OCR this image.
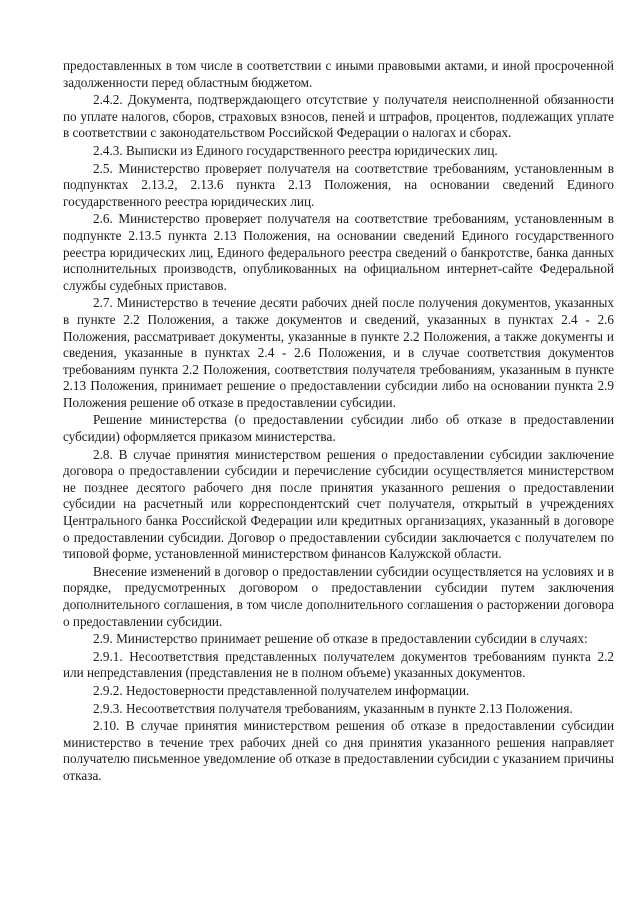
предоставленных в том числе в соответствии с иными правовыми актами, и иной просроченной задолженности перед областным бюджетом.

2.4.2. Документа, подтверждающего отсутствие у получателя неисполненной обязанности по уплате налогов, сборов, страховых взносов, пеней и штрафов, процентов, подлежащих уплате в соответствии с законодательством Российской Федерации о налогах и сборах.

2.4.3. Выписки из Единого государственного реестра юридических лиц.

2.5. Министерство проверяет получателя на соответствие требованиям, установленным в подпунктах 2.13.2, 2.13.6 пункта 2.13 Положения, на основании сведений Единого государственного реестра юридических лиц.

2.6. Министерство проверяет получателя на соответствие требованиям, установленным в подпункте 2.13.5 пункта 2.13 Положения, на основании сведений Единого государственного реестра юридических лиц, Единого федерального реестра сведений о банкротстве, банка данных исполнительных производств, опубликованных на официальном интернет-сайте Федеральной службы судебных приставов.

2.7. Министерство в течение десяти рабочих дней после получения документов, указанных в пункте 2.2 Положения, а также документов и сведений, указанных в пунктах 2.4 - 2.6 Положения, рассматривает документы, указанные в пункте 2.2 Положения, а также документы и сведения, указанные в пунктах 2.4 - 2.6 Положения, и в случае соответствия документов требованиям пункта 2.2 Положения, соответствия получателя требованиям, указанным в пункте 2.13 Положения, принимает решение о предоставлении субсидии либо на основании пункта 2.9 Положения решение об отказе в предоставлении субсидии.

Решение министерства (о предоставлении субсидии либо об отказе в предоставлении субсидии) оформляется приказом министерства.

2.8. В случае принятия министерством решения о предоставлении субсидии заключение договора о предоставлении субсидии и перечисление субсидии осуществляется министерством не позднее десятого рабочего дня после принятия указанного решения о предоставлении субсидии на расчетный или корреспондентский счет получателя, открытый в учреждениях Центрального банка Российской Федерации или кредитных организациях, указанный в договоре о предоставлении субсидии. Договор о предоставлении субсидии заключается с получателем по типовой форме, установленной министерством финансов Калужской области.

Внесение изменений в договор о предоставлении субсидии осуществляется на условиях и в порядке, предусмотренных договором о предоставлении субсидии путем заключения дополнительного соглашения, в том числе дополнительного соглашения о расторжении договора о предоставлении субсидии.

2.9. Министерство принимает решение об отказе в предоставлении субсидии в случаях:

2.9.1. Несоответствия представленных получателем документов требованиям пункта 2.2 или непредставления (представления не в полном объеме) указанных документов.

2.9.2. Недостоверности представленной получателем информации.

2.9.3. Несоответствия получателя требованиям, указанным в пункте 2.13 Положения.

2.10. В случае принятия министерством решения об отказе в предоставлении субсидии министерство в течение трех рабочих дней со дня принятия указанного решения направляет получателю письменное уведомление об отказе в предоставлении субсидии с указанием причины отказа.
